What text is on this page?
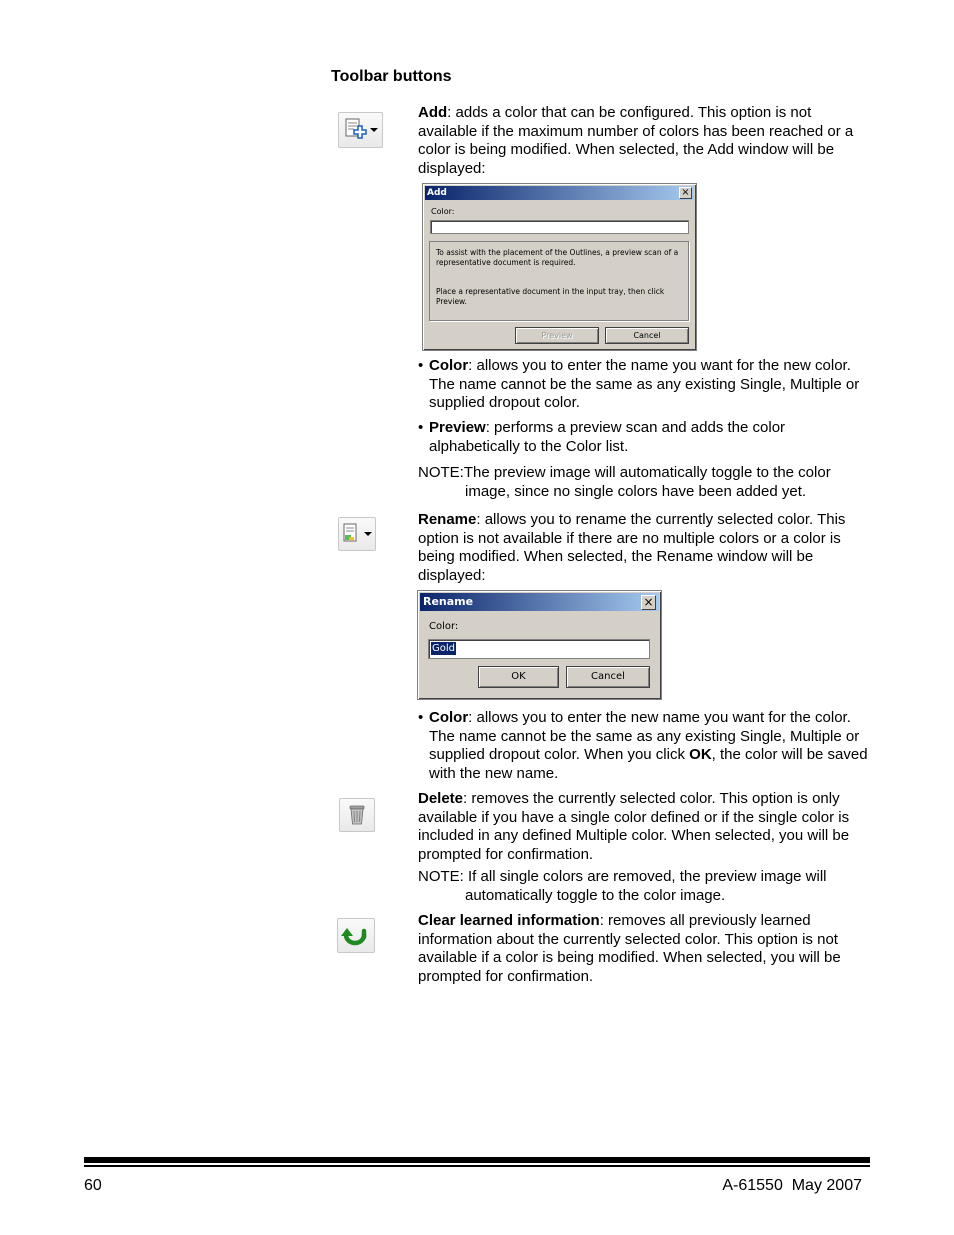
Toolbar buttons
Add: adds a color that can be configured. This option is not available if the maximum number of colors has been reached or a color is being modified. When selected, the Add window will be displayed:
Add	×
Color:
To assist with the placement of the Outlines, a preview scan of a representative document is required.
Place a representative document in the input tray, then click Preview.
Preview	Cancel
• Color: allows you to enter the name you want for the new color. The name cannot be the same as any existing Single, Multiple or supplied dropout color.
• Preview: performs a preview scan and adds the color alphabetically to the Color list.
NOTE:The preview image will automatically toggle to the color
image, since no single colors have been added yet.
Rename: allows you to rename the currently selected color. This option is not available if there are no multiple colors or a color is being modified. When selected, the Rename window will be displayed:
Rename	×
Color:
Gold
OK	Cancel
• Color: allows you to enter the new name you want for the color. The name cannot be the same as any existing Single, Multiple or supplied dropout color. When you click OK, the color will be saved with the new name.
Delete: removes the currently selected color. This option is only available if you have a single color defined or if the single color is included in any defined Multiple color. When selected, you will be prompted for confirmation.
NOTE: If all single colors are removed, the preview image will
automatically toggle to the color image.
Clear learned information: removes all previously learned information about the currently selected color. This option is not available if a color is being modified. When selected, you will be prompted for confirmation.
60	A-61550  May 2007
